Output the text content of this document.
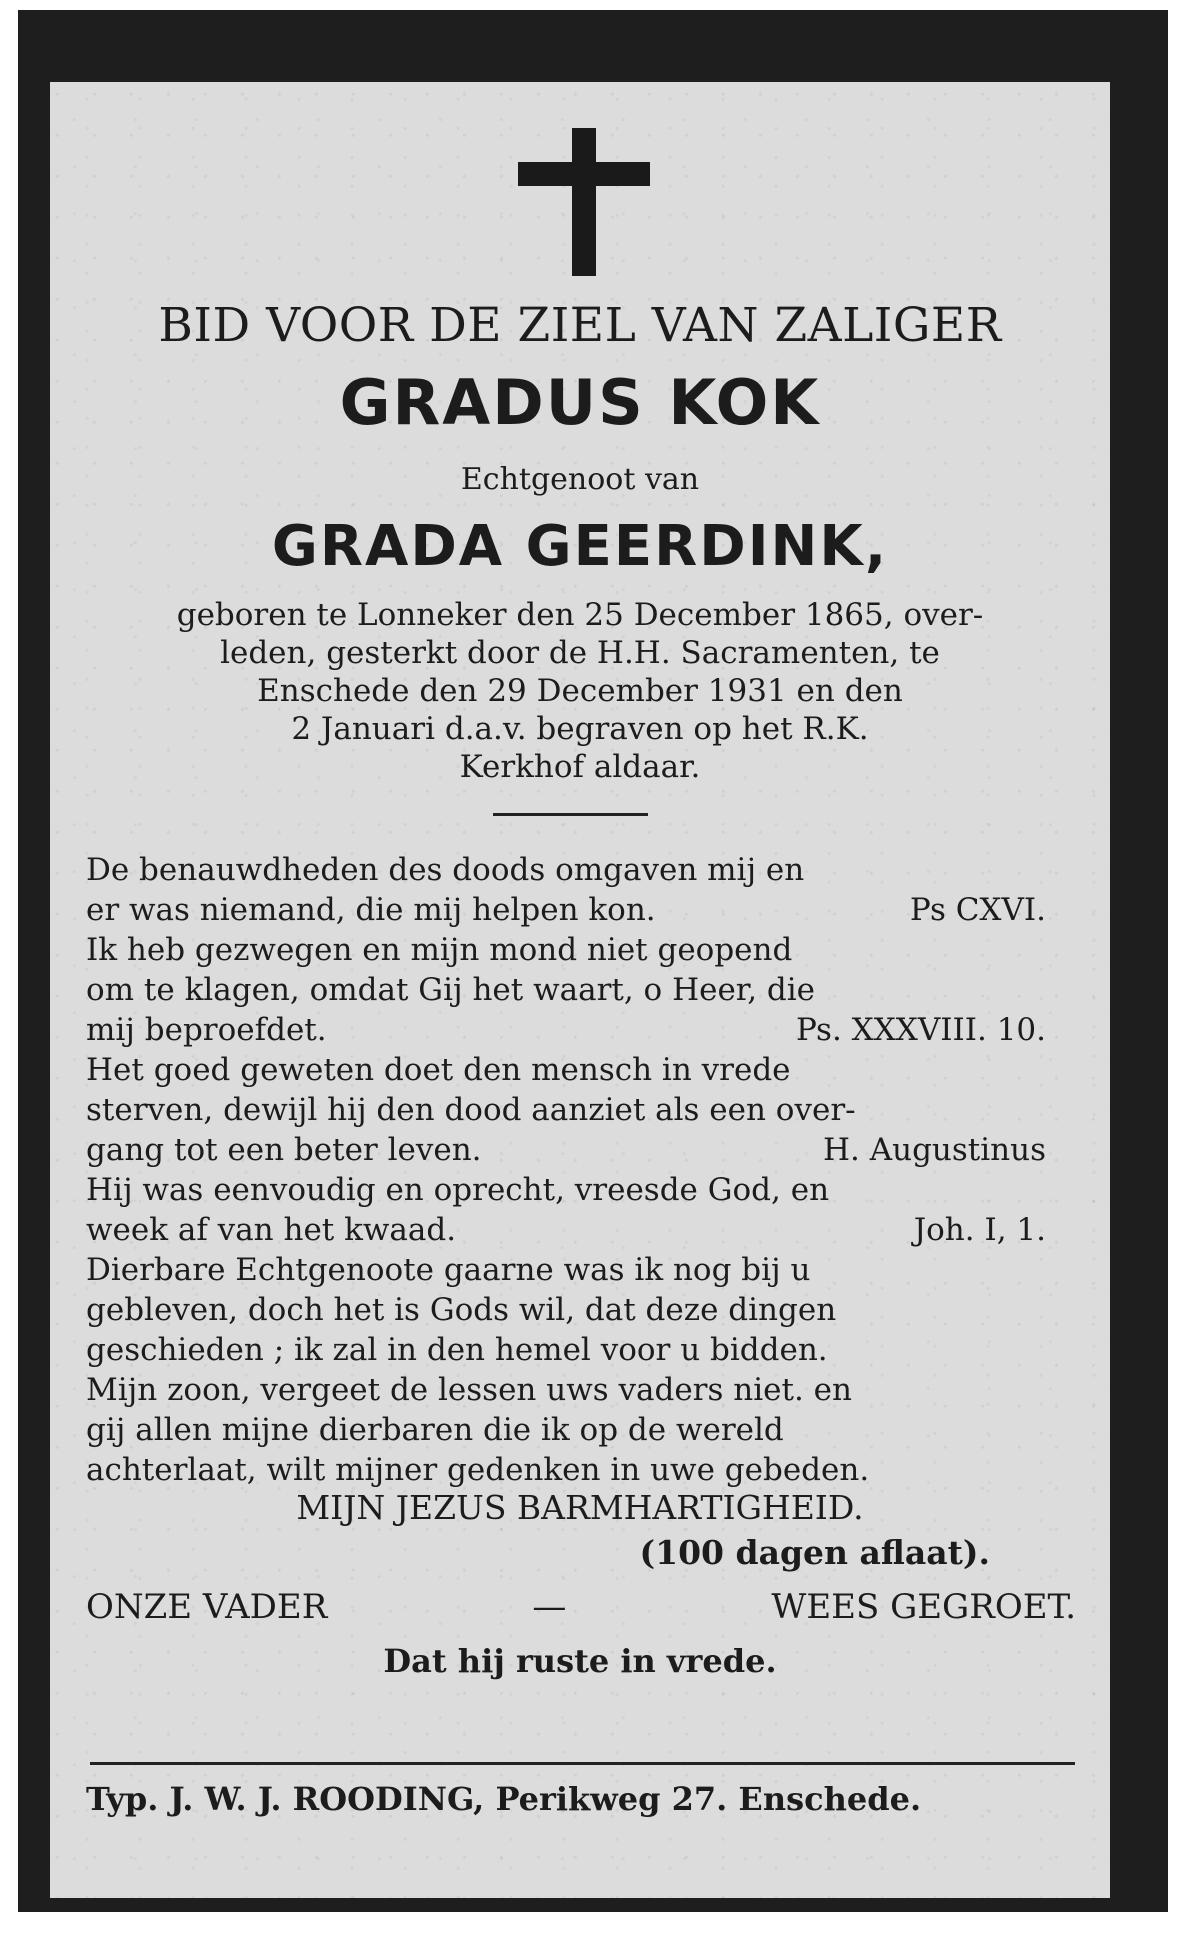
BID VOOR DE ZIEL VAN ZALIGER
GRADUS KOK
Echtgenoot van
GRADA GEERDINK,
geboren te Lonneker den 25 December 1865, over-
leden, gesterkt door de H.H. Sacramenten, te
Enschede den 29 December 1931 en den
2 Januari d.a.v. begraven op het R.K.
Kerkhof aldaar.
De benauwdheden des doods omgaven mij en
er was niemand, die mij helpen kon.	Ps CXVI.
Ik heb gezwegen en mijn mond niet geopend
om te klagen, omdat Gij het waart, o Heer, die
mij beproefdet.	Ps. XXXVIII. 10.
Het goed geweten doet den mensch in vrede
sterven, dewijl hij den dood aanziet als een over-
gang tot een beter leven.	H. Augustinus
Hij was eenvoudig en oprecht, vreesde God, en
week af van het kwaad.	Joh. I, 1.
Dierbare Echtgenoote gaarne was ik nog bij u
gebleven, doch het is Gods wil, dat deze dingen
geschieden ; ik zal in den hemel voor u bidden.
Mijn zoon, vergeet de lessen uws vaders niet. en
gij allen mijne dierbaren die ik op de wereld
achterlaat, wilt mijner gedenken in uwe gebeden.
MIJN JEZUS BARMHARTIGHEID.
(100 dagen aflaat).
ONZE VADER	—	WEES GEGROET.
Dat hij ruste in vrede.
Typ. J. W. J. ROODING, Perikweg 27. Enschede.
